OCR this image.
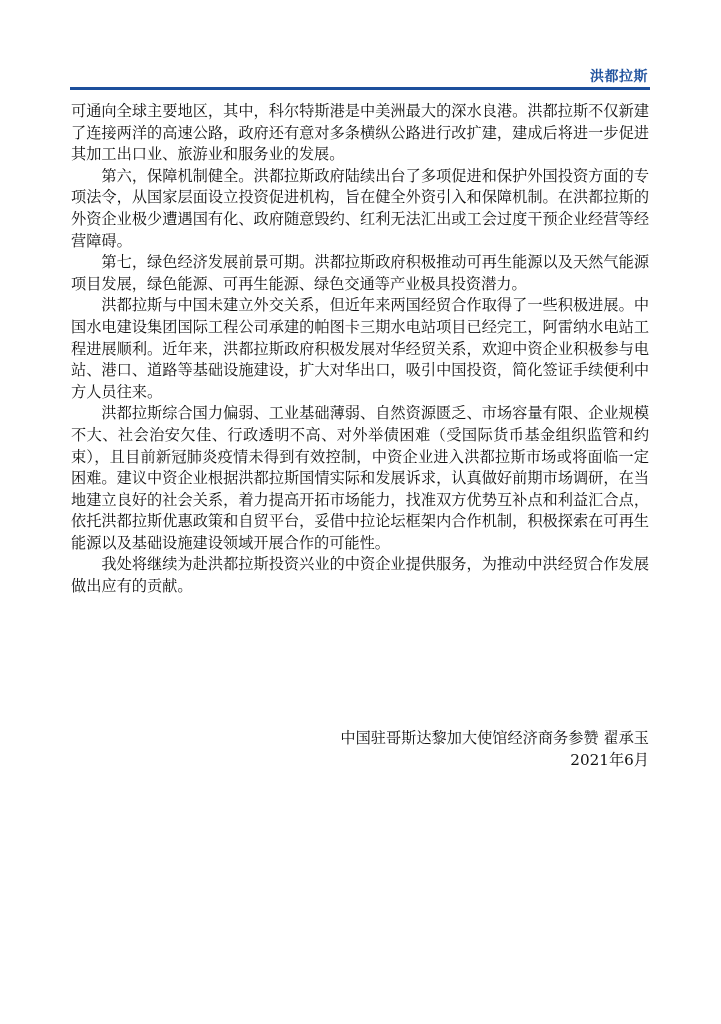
洪都拉斯

可通向全球主要地区，其中，科尔特斯港是中美洲最大的深水良港。洪都拉斯不仅新建了连接两洋的高速公路，政府还有意对多条横纵公路进行改扩建，建成后将进一步促进其加工出口业、旅游业和服务业的发展。

第六，保障机制健全。洪都拉斯政府陆续出台了多项促进和保护外国投资方面的专项法令，从国家层面设立投资促进机构，旨在健全外资引入和保障机制。在洪都拉斯的外资企业极少遭遇国有化、政府随意毁约、红利无法汇出或工会过度干预企业经营等经营障碍。

第七，绿色经济发展前景可期。洪都拉斯政府积极推动可再生能源以及天然气能源项目发展，绿色能源、可再生能源、绿色交通等产业极具投资潜力。

洪都拉斯与中国未建立外交关系，但近年来两国经贸合作取得了一些积极进展。中国水电建设集团国际工程公司承建的帕图卡三期水电站项目已经完工，阿雷纳水电站工程进展顺利。近年来，洪都拉斯政府积极发展对华经贸关系，欢迎中资企业积极参与电站、港口、道路等基础设施建设，扩大对华出口，吸引中国投资，简化签证手续便利中方人员往来。

洪都拉斯综合国力偏弱、工业基础薄弱、自然资源匮乏、市场容量有限、企业规模不大、社会治安欠佳、行政透明不高、对外举债困难（受国际货币基金组织监管和约束），且目前新冠肺炎疫情未得到有效控制，中资企业进入洪都拉斯市场或将面临一定困难。建议中资企业根据洪都拉斯国情实际和发展诉求，认真做好前期市场调研，在当地建立良好的社会关系，着力提高开拓市场能力，找准双方优势互补点和利益汇合点，依托洪都拉斯优惠政策和自贸平台，妥借中拉论坛框架内合作机制，积极探索在可再生能源以及基础设施建设领域开展合作的可能性。

我处将继续为赴洪都拉斯投资兴业的中资企业提供服务，为推动中洪经贸合作发展做出应有的贡献。

中国驻哥斯达黎加大使馆经济商务参赞 翟承玉
2021年6月
